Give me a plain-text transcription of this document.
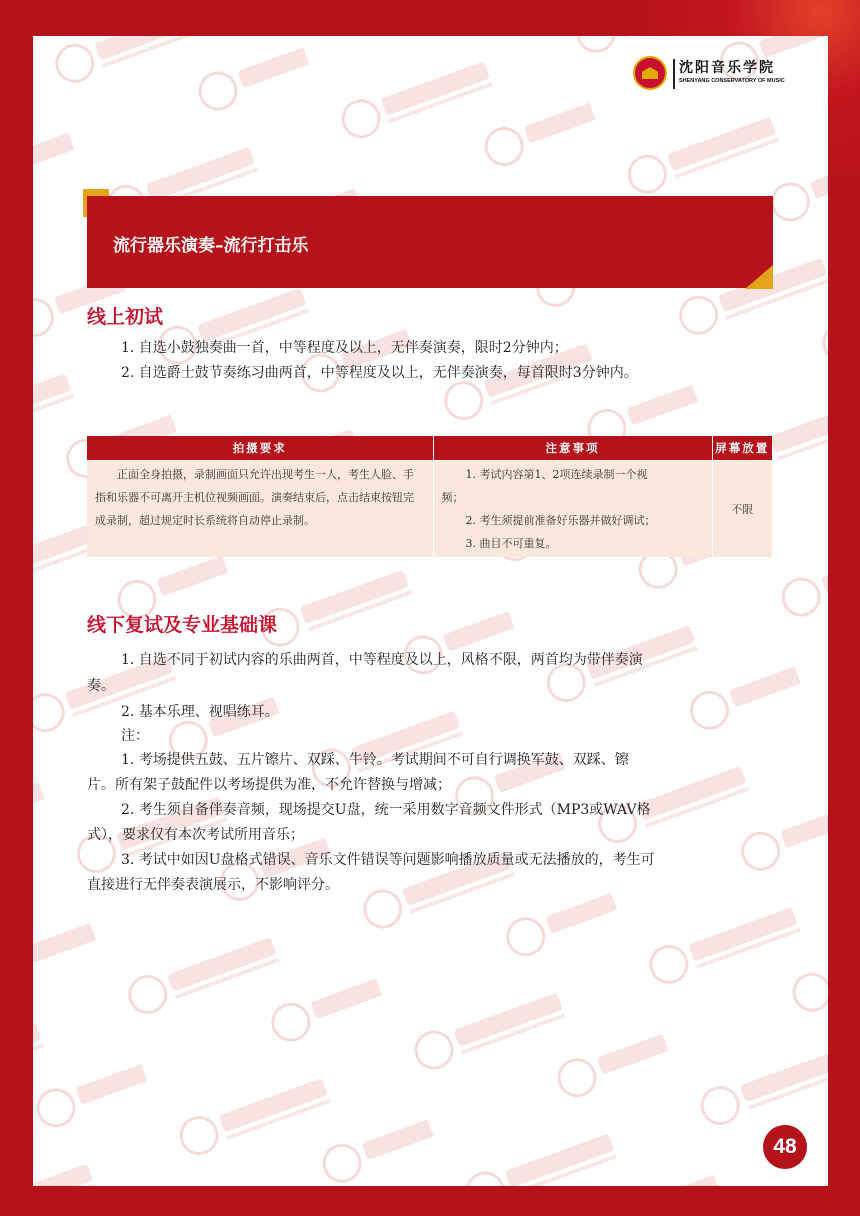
沈阳音乐学院
SHENYANG CONSERVATORY OF MUSIC
流行器乐演奏–流行打击乐
线上初试
1. 自选小鼓独奏曲一首，中等程度及以上，无伴奏演奏，限时2分钟内；
2. 自选爵士鼓节奏练习曲两首，中等程度及以上，无伴奏演奏，每首限时3分钟内。
拍摄要求	注意事项	屏幕放置
正面全身拍摄，录制画面只允许出现考生一人，考生人脸、手指和乐器不可离开主机位视频画面。演奏结束后，点击结束按钮完成录制，超过规定时长系统将自动停止录制。	1. 考试内容第1、2项连续录制一个视
频；
2. 考生须提前准备好乐器并做好调试；
3. 曲目不可重复。	不限
线下复试及专业基础课
1. 自选不同于初试内容的乐曲两首，中等程度及以上，风格不限，两首均为带伴奏演
奏。
2. 基本乐理、视唱练耳。
注：
1. 考场提供五鼓、五片镲片、双踩、牛铃。考试期间不可自行调换军鼓、双踩、镲
片。所有架子鼓配件以考场提供为准，不允许替换与增减；
2. 考生须自备伴奏音频，现场提交U盘，统一采用数字音频文件形式（MP3或WAV格
式），要求仅有本次考试所用音乐；
3. 考试中如因U盘格式错误、音乐文件错误等问题影响播放质量或无法播放的，考生可
直接进行无伴奏表演展示，不影响评分。
48
